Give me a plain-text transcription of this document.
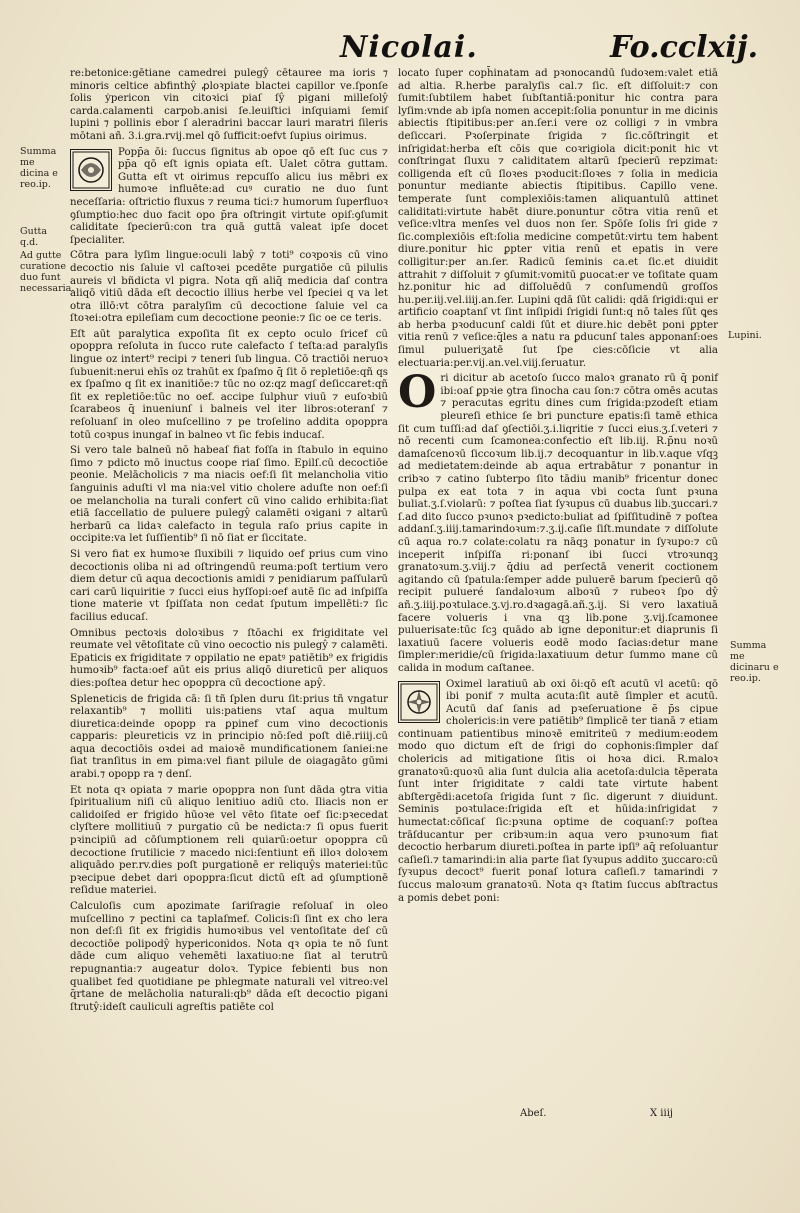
Nicolai.	Fo.cclxij.
Summa me dicina e reo.ip.
Gutta q.d.
Ad gutte curatione duo funt necessaria.
Lupini.
Summa me dicinaru e reo.ip.

re:betonice:gētiane camedrei pulegŷ cētauree ma ioris ⁊ minoris celtice abfinthŷ ꝓloꝛpiate blactei capillor ve.ſponſe ſolis ẏpericon vin citoꝛici piaſ ſŷ pigani milleſolŷ carda.calamenti carpob.anisi ſe.leuiſtici inſquiami ſemiſ lupini ⁊ pollinis ebor ſ aleradrini baccar lauri maratri ſileris mōtani añ. 3.i.gra.rvij.mel qō ſufficit:oefvt ſupius oirimus.

Popp̄a ōi: ſuccus ſignitus ab opoe qō eſt ſuc cus ⁊ pp̄a qō eſt ignis opiata eſt. Ualet cōtra guttam. Gutta eſt vt oirimus repcuſſo alicu ius mēbri ex humoꝛe influēte:ad cuꝰ curatio ne duo ſunt neceſſaria: oſtrictio fluxus ⁊ reuma tici:⁊ humorum ſuperfluoꝛ ꝯſumptio:hec duo facit opo p̄ra oſtringit virtute opiſ:ꝯſumit caliditate ſpecierū:con tra quā guttā valeat ipſe docet ſpecialiter.

Cōtra para lyſim lingue:oculi labŷ ⁊ toti⁹ coꝛpoꝛis cū vino decoctio nis ſaluie vl caſtoꝛei pcedēte purgatiōe cū pilulis aureis vl bñdicta vl pigra. Nota qñ aliq̄ medicia daſ contra aliqō vitiū dāda eſt decoctio illius herbe vel ſpeciei q va let otra illō:vt cōtra paralyſim cū decoctione ſaluie vel ca ſtoꝛei:otra epileſiam cum decoctione peonie:⁊ ſic oe ce teris.

Eſt aūt paralytica expoſita ſit ex cepto oculo ſricef cū opoppra reſoluta in ſucco rute calefacto ſ teſta:ad paralyſis lingue oz intert⁹ recipi ⁊ teneri ſub lingua. Cō tractiōi neruoꝛ ſubuenit:nerui ehīs oz trahūt ex ſpaſmo q̄ ſit ō repletiōe:qñ qs ex ſpaſmo q ſit ex inanitiōe:⁊ tūc no oz:qz magſ deſiccaret:qñ ſit ex repletiōe:tūc no oef. accipe ſulphur viuū ⁊ euſoꝛbiū ſcarabeos q̄ inueniunſ i balneis vel iter libros:oteranſ ⁊ reſoluanſ in oleo muſcellino ⁊ pe troſelino addita opoppra totū coꝛpus inungaſ in balneo vt ſic febis inducaſ.

Si vero tale balneū nō habeaſ fiat foſſa in ſtabulo in equino ſimo ⁊ pdicto mō inuctus coope riaſ ſimo. Epilſ.cū decoctiōe peonie. Melācholicis ⁊ ma niacis oef:ſi ſit melancholia vitio ſanguinis aduſti vl ma nia:vel vitio cholere aduſte non oef:ſi oe melancholia na turali confert cū vino calido erhibita:ſiat etiā ſaccellatio de puluere pulegŷ calamēti oꝛigani ⁊ altarū herbarū ca lidaꝛ calefacto in tegula raſo prius capite in occipite:va let ſuſſientib⁹ ſi nō ſiat er ſiccitate.

Si vero fiat ex humoꝛe ſluxibili ⁊ liquido oef prius cum vino decoctionis oliba ni ad oſtringendū reuma:poſt tertium vero diem detur cū aqua decoctionis amidi ⁊ penidiarum paſſularū cari carū liquiritie ⁊ ſucci eius hyſſopi:oef autē ſic ad inſpiſſa tione materie vt ſpiſſata non cedat ſputum impellēti:⁊ ſic facilius educaſ.

Omnibus pectoꝛis doloꝛibus ⁊ ſtōachi ex frigiditate vel reumate vel vētoſitate cū vino oecoctio nis pulegŷ ⁊ calamēti. Epaticis ex frigiditate ⁊ oppilatio ne epatꝰ patiētib⁹ ex frigidis humoꝛib⁹ facta:oef aūt eis prius aliqō diureticū per aliquos dies:poſtea detur hec opoppra cū decoctione apŷ.

Spleneticis de frigida cā: ſi tñ ſplen duru ſit:prius tñ vngatur relaxantib⁹ ⁊ molliti uis:patiens vtaſ aqua multum diuretica:deinde opopp ra ꝑpinef cum vino decoctionis capparis: pleureticis vz in principio nō:ſed poſt diē.riiij.cū aqua decoctiōis oꝛdei ad maioꝛē mundificationem ſaniei:ne ſiat tranſitus in em pima:vel fiant pilule de oiagagāto gūmi arabi.⁊ opopp ra ⁊ denſ.

Et nota qꝛ opiata ⁊ marie opoppra non ſunt dāda ꝯtra vitia ſpiritualium niſi cū aliquo lenitiuo adiū cto. Iliacis non er calidoiſed er frigido hūoꝛe vel vēto ſitate oef ſic:pꝛecedat clyſtere mollitiuū ⁊ purgatio cū be nedicta:⁊ ſi opus fuerit pꝛincipiū ad cōſumptionem reli quiarū:oetur opoppra cū decoctione ſrutilicie ⁊ macedo nici:ſentiunt eñ illoꝛ doloꝛem aliquādo per.rv.dies poſt purgationē er reliquŷs materiei:tūc pꝛecipue debet dari opoppra:ſicut dictū eſt ad ꝯſumptionē reſidue materiei.

Calculoſis cum apozimate ſariſragie reſoluaſ in oleo muſcellino ⁊ pectini ca taplaſmef. Colicis:ſi ſint ex cho lera non deſ:ſi ſit ex frigidis humoꝛibus vel ventoſitate deſ cū decoctiōe polipodŷ hypericonidos. Nota qꝛ opia te nō ſunt dāde cum aliquo vehemēti laxatiuo:ne ſiat al terutrū repugnantia:⁊ augeatur doloꝛ. Typice febienti bus non qualibet fed quotidiane pe phlegmate naturali vel vitreo:vel q̄rtane de melācholia naturali:qb⁹ dāda eſt decoctio pigani ſtrutŷ:ideſt cauliculi agreſtis patiēte col

locato ſuper coph̄inatam ad pꝛonocandū ſudoꝛem:valet etiā ad altia. R.herbe paralyſis cal.⁊ ſic. eſt diſſoluit:⁊ con ſumit:ſubtilem habet ſubſtantiā:ponitur hic contra para lyſim:vnde ab ipſa nomen accepit:ſolia ponuntur in me dicinis abiectis ſtipitibus:per an.ſer.i vere oz colligi ⁊ in vmbra deſiccari. Pꝛoſerpinate ſrigida ⁊ ſic.cōſtringit et inſrigidat:herba eſt cōis que coꝛrigiola dicit:ponit hic vt conſtringat ſluxu ⁊ caliditatem altarū ſpecierū repzimat: colligenda eſt cū ſloꝛes pꝛoducit:ſloꝛes ⁊ ſolia in medicia ponuntur mediante abiectis ſtipitibus. Capillo vene. temperate ſunt complexiōis:tamen aliquantulū attinet caliditati:virtute habēt diure.ponuntur cōtra vitia renū et veſice:vltra menſes vel duos non ſer. Spōſe ſolis ſri gide ⁊ ſic.complexiōis eſt:ſolia medicine competūt:virtu tem habent diure.ponitur hic ꝑpter vitia renū et epatis in vere colligitur:per an.ſer. Radicū ſeminis ca.et ſic.et diuidit attrahit ⁊ diſſoluit ⁊ ꝯſumit:vomitū ꝑuocat:er ve toſitate quam hz.ponitur hic ad diſſoluēdū ⁊ conſumendū groſſos hu.per.iij.vel.iiij.an.ſer. Lupini qdā ſūt calidi: qdā ſrigidi:qui er artificio coaptanſ vt ſint inſipidi ſrigidi ſunt:q nō tales ſūt ꝗes ab herba pꝛoducunſ caldi ſūt et diure.hic debēt poni ꝑpter vitia renū ⁊ veſice:q̄les a natu ra ꝑducunſ tales apponanſ:oes ſimul pulueriʒatē ſut ſpe cies:cōſicie vt alia electuaria:per.vij.an.vel.viij.ſeruatur.

O ri dicitur ab acetoſo ſucco maloꝛ granato rū q̄ ponif ibi:oaſ ꝑpꝛie ꝯtra ſinocha cau ſon:⁊ cōtra omēs acutas ⁊ peracutas egritu dines cum ſrigida:pzodeſt etiam pleureſi ethice ſe bri puncture epatis:ſi tamē ethica ſit cum tuſſi:ad daſ ꝯſectiōi.ʒ.i.liqritie ⁊ ſucci eius.ʒ.ſ.veteri ⁊ nō recenti cum ſcamonea:confectio eſt lib.iij. R.p̄nu noꝛū damaſcenoꝛū ſiccoꝛum lib.ij.⁊ decoquantur in lib.v.aque vſqꝫ ad medietatem:deinde ab aqua ertrabātur ⁊ ponantur in cribꝛo ⁊ catino ſubterpo ſito tādiu manib⁹ fricentur donec pulpa ex eat tota ⁊ in aqua vbi cocta ſunt pꝛuna buliat.ʒ.ſ.violarū: ⁊ poſtea ſiat ſyꝛupus cū duabus lib.ʒuccari.⁊ ſ.ad dito ſucco pꝛunoꝛ pꝛedicto:buliat ad ſpiſſitudinē ⁊ poſtea addanſ.ʒ.iiij.tamarindoꝛum:⁊.ʒ.ij.caſie ſiſt.mundate ⁊ diſſolute cū aqua ro.⁊ colate:colatu ra nāqꝫ ponatur in ſyꝛupo:⁊ cū inceperit inſpiſſa ri:ponanſ ibi ſucci vtroꝛunqꝫ granatoꝛum.ʒ.viij.⁊ q̄diu ad perſectā venerit coctionem agitando cū ſpatula:ſemper adde puluerē barum ſpecierū qō recipit pulueré ſandaloꝛum alboꝛū ⁊ rubeoꝛ ſpo dŷ añ.ʒ.iiij.poꝛtulace.ʒ.vj.ro.dꝛagagā.añ.ʒ.ij. Si vero laxatiuā facere volueris i vna qꝫ lib.pone ʒ.vij.ſcamonee puluerisate:tūc ſcꝫ quādo ab igne deponitur:et diaprunis ſi laxatiuū ſacere volueris eodē modo ſacias:detur mane ſimpler:meridie/cū ſrigida:laxatiuum detur ſummo mane cū calida in modum caſtanee.

Oximel laratiuū ab oxi ōi:qō eſt acutū vl acetū: qō ibi ponif ⁊ multa acuta:ſit autē ſimpler et acutū. Acutū daſ ſanis ad pꝛeſeruatione ẽ p̄s cipue cholericis:in vere patiētib⁹ ſimplicē ter tianā ⁊ etiam continuam patientibus minoꝛē emitriteū ⁊ medium:eodem modo quo dictum eſt de ſrigi do cophonis:ſimpler daſ cholericis ad mitigatione ſitis oi hoꝛa dici. R.maloꝛ granatoꝛū:quoꝛū alia ſunt dulcia alia acetoſa:dulcia tēperata ſunt inter ſrigiditate ⁊ caldi tate virtute habent abſtergēdi:acetoſa ſrigida ſunt ⁊ ſic. digerunt ⁊ diuidunt. Seminis poꝛtulace:ſrigida eſt et hūida:inſrigidat ⁊ humectat:cōſicaſ ſic:pꝛuna optime de coquanſ:⁊ poſtea trāſducantur per cribꝛum:in aqua vero pꝛunoꝛum fiat decoctio herbarum diureti.poſtea in parte ipſi⁹ aq̄ reſoluantur caſieſi.⁊ tamarindi:in alia parte ſiat ſyꝛupus addito ʒuccaro:cū ſyꝛupus decoct⁹ fuerit ponaſ lotura caſieſi.⁊ tamarindi ⁊ ſuccus maloꝛum granatoꝛū. Nota qꝛ ſtatim ſuccus abſtractus a pomis debet poni:

Abeſ.	X iiij
